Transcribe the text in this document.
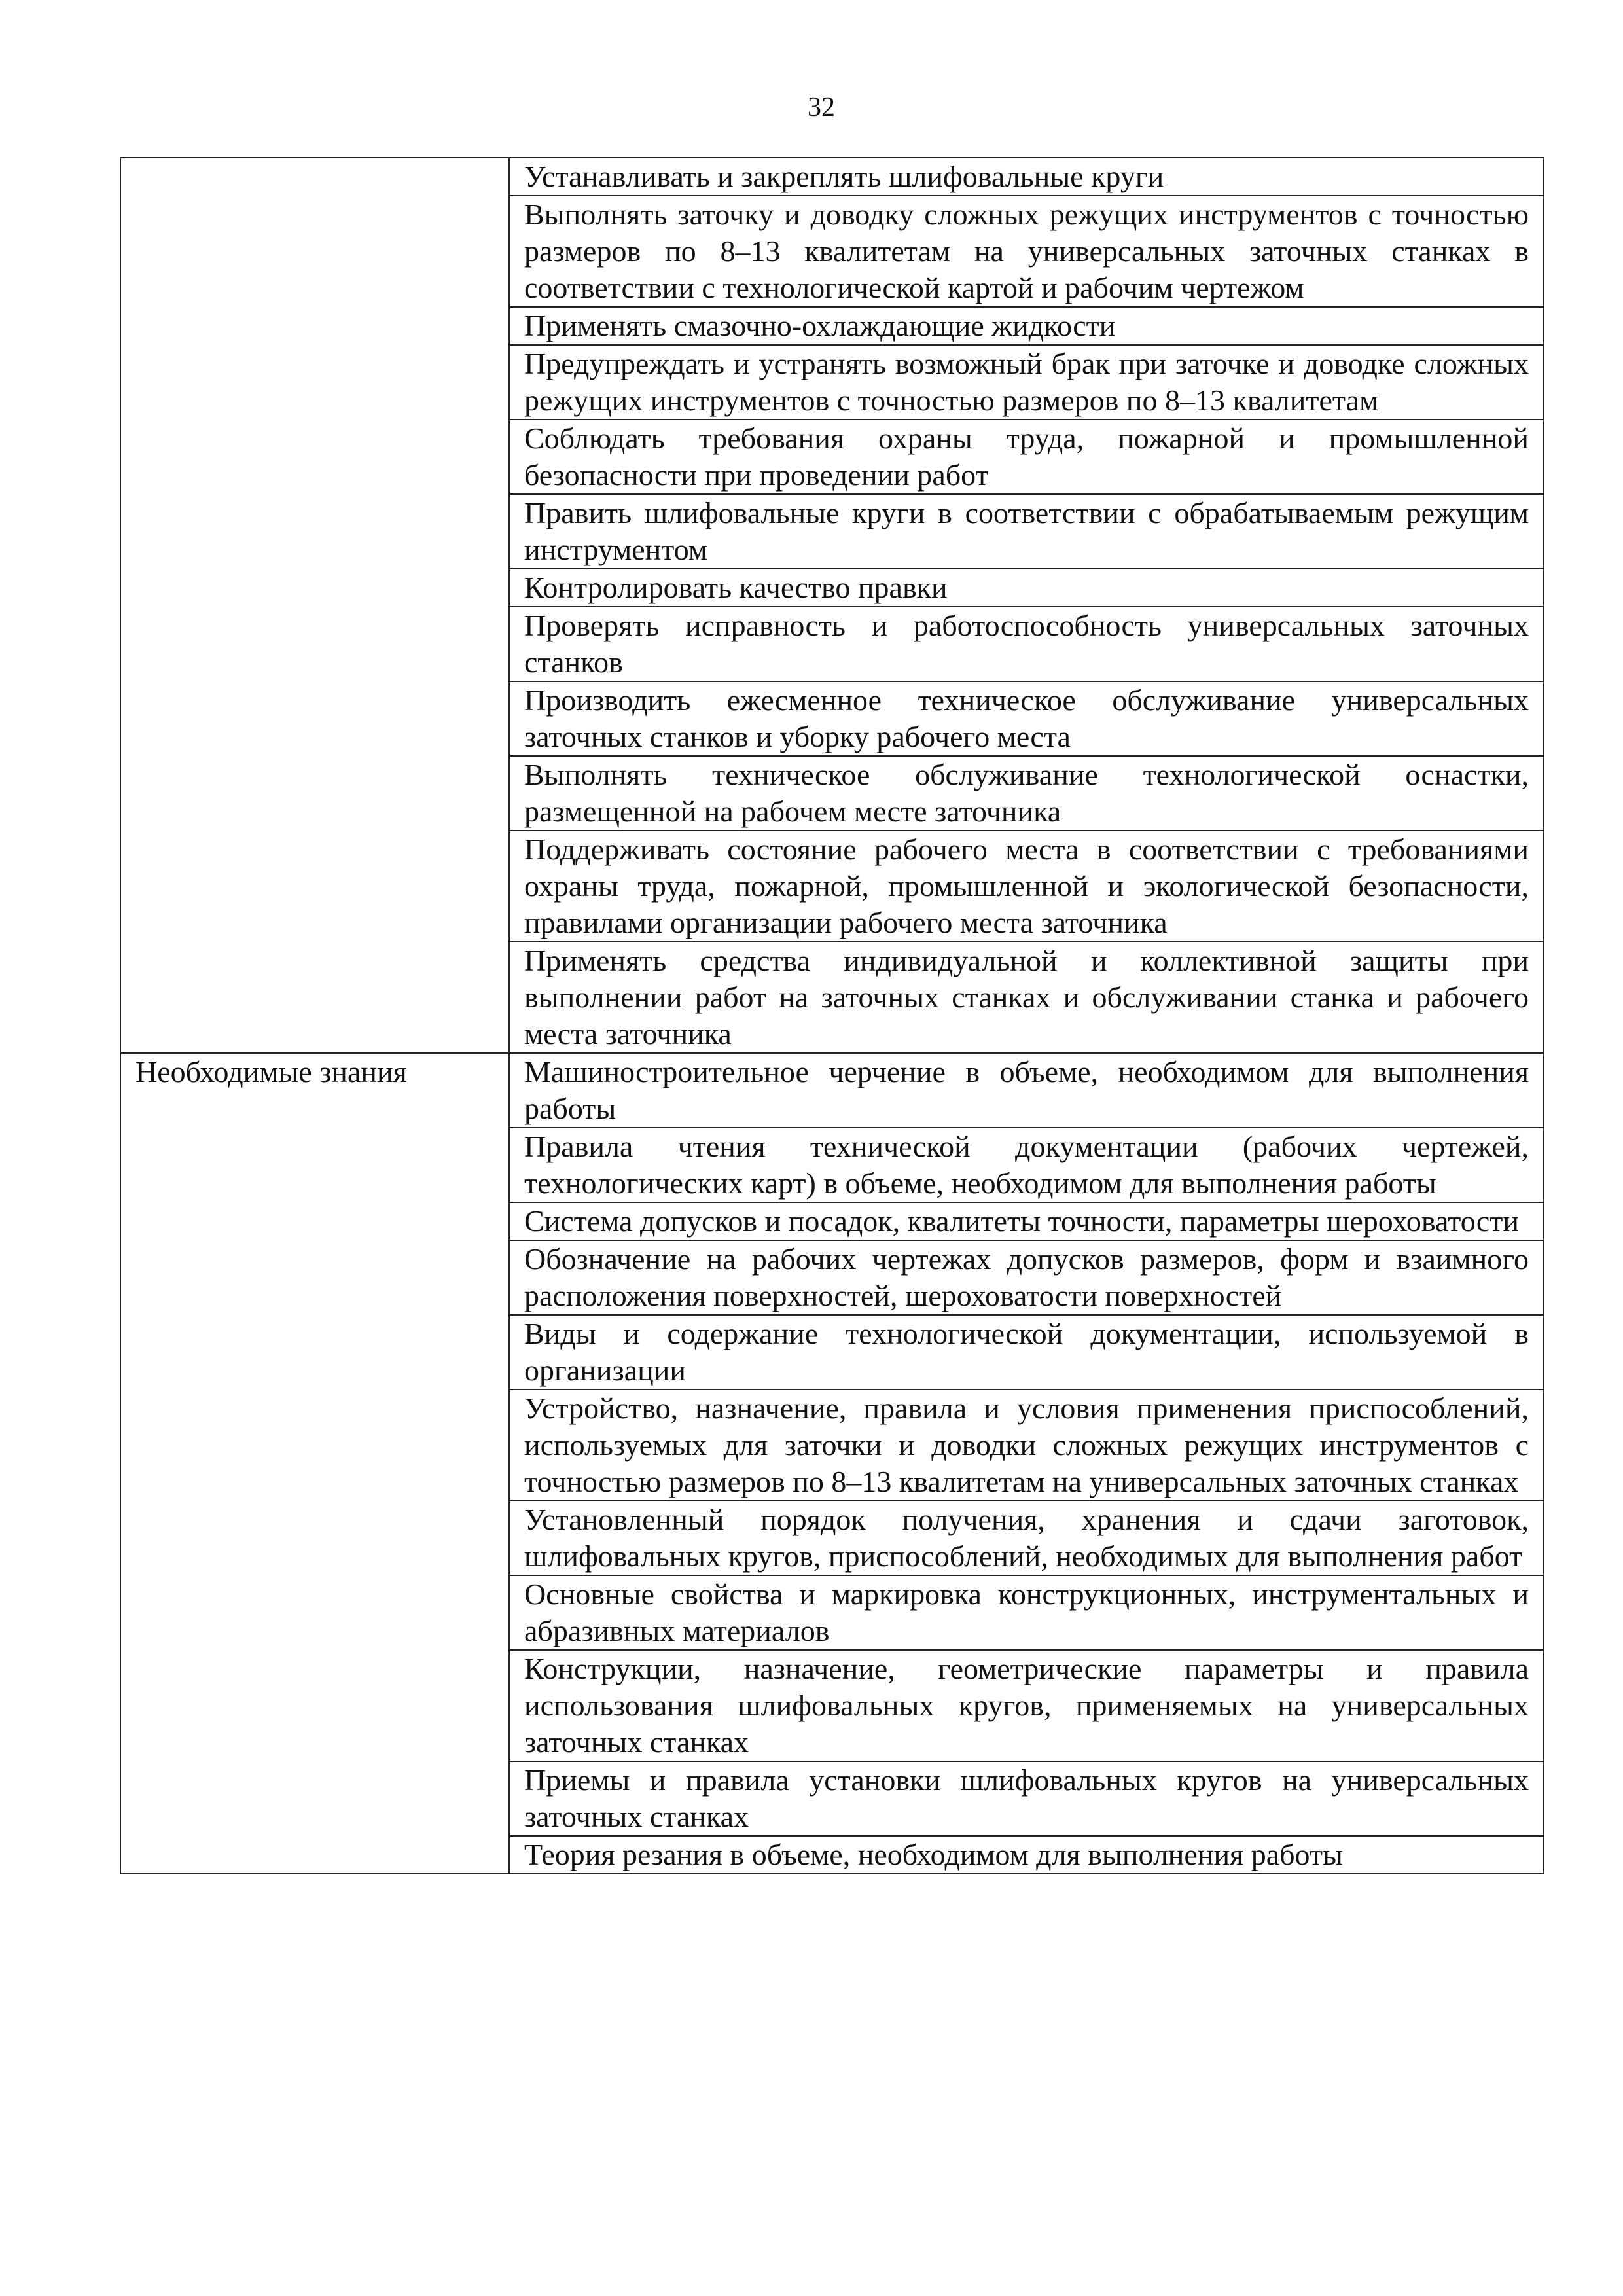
32
	Устанавливать и закреплять шлифовальные круги
	Выполнять заточку и доводку сложных режущих инструментов с точностью размеров по 8–13 квалитетам на универсальных заточных станках в соответствии с технологической картой и рабочим чертежом
	Применять смазочно-охлаждающие жидкости
	Предупреждать и устранять возможный брак при заточке и доводке сложных режущих инструментов с точностью размеров по 8–13 квалитетам
	Соблюдать требования охраны труда, пожарной и промышленной безопасности при проведении работ
	Править шлифовальные круги в соответствии с обрабатываемым режущим инструментом
	Контролировать качество правки
	Проверять исправность и работоспособность универсальных заточных станков
	Производить ежесменное техническое обслуживание универсальных заточных станков и уборку рабочего места
	Выполнять техническое обслуживание технологической оснастки, размещенной на рабочем месте заточника
	Поддерживать состояние рабочего места в соответствии с требованиями охраны труда, пожарной, промышленной и экологической безопасности, правилами организации рабочего места заточника
	Применять средства индивидуальной и коллективной защиты при выполнении работ на заточных станках и обслуживании станка и рабочего места заточника
Необходимые знания	Машиностроительное черчение в объеме, необходимом для выполнения работы
	Правила чтения технической документации (рабочих чертежей, технологических карт) в объеме, необходимом для выполнения работы
	Система допусков и посадок, квалитеты точности, параметры шероховатости
	Обозначение на рабочих чертежах допусков размеров, форм и взаимного расположения поверхностей, шероховатости поверхностей
	Виды и содержание технологической документации, используемой в организации
	Устройство, назначение, правила и условия применения приспособлений, используемых для заточки и доводки сложных режущих инструментов с точностью размеров по 8–13 квалитетам на универсальных заточных станках
	Установленный порядок получения, хранения и сдачи заготовок, шлифовальных кругов, приспособлений, необходимых для выполнения работ
	Основные свойства и маркировка конструкционных, инструментальных и абразивных материалов
	Конструкции, назначение, геометрические параметры и правила использования шлифовальных кругов, применяемых на универсальных заточных станках
	Приемы и правила установки шлифовальных кругов на универсальных заточных станках
	Теория резания в объеме, необходимом для выполнения работы
